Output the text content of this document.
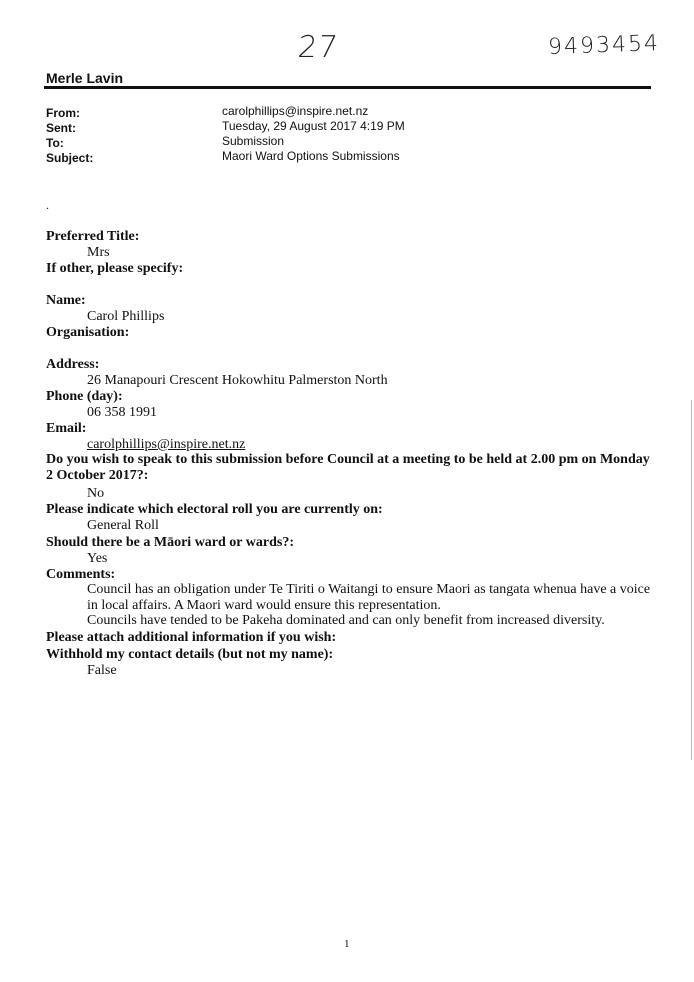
27	9493454
Merle Lavin
From:	carolphillips@inspire.net.nz
Sent:	Tuesday, 29 August 2017 4:19 PM
To:	Submission
Subject:	Maori Ward Options Submissions
.
Preferred Title:
Mrs
If other, please specify:
Name:
Carol Phillips
Organisation:
Address:
26 Manapouri Crescent Hokowhitu Palmerston North
Phone (day):
06 358 1991
Email:
carolphillips@inspire.net.nz
Do you wish to speak to this submission before Council at a meeting to be held at 2.00 pm on Monday 2 October 2017?:
No
Please indicate which electoral roll you are currently on:
General Roll
Should there be a Māori ward or wards?:
Yes
Comments:
Council has an obligation under Te Tiriti o Waitangi to ensure Maori as tangata whenua have a voice in local affairs. A Maori ward would ensure this representation.
Councils have tended to be Pakeha dominated and can only benefit from increased diversity.
Please attach additional information if you wish:
Withhold my contact details (but not my name):
False
1
